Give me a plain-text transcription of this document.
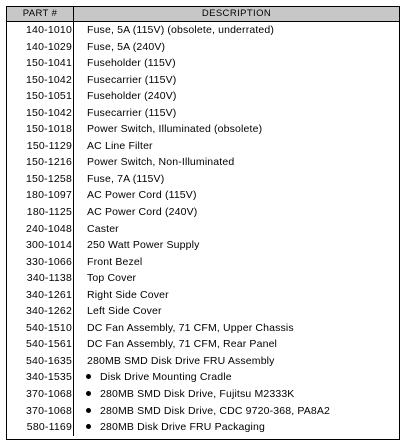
PART #	DESCRIPTION
140-1010	Fuse, 5A (115V) (obsolete, underrated)
140-1029	Fuse, 5A (240V)
150-1041	Fuseholder (115V)
150-1042	Fusecarrier (115V)
150-1051	Fuseholder (240V)
150-1042	Fusecarrier (115V)
150-1018	Power Switch, Illuminated (obsolete)
150-1129	AC Line Filter
150-1216	Power Switch, Non-Illuminated
150-1258	Fuse, 7A (115V)
180-1097	AC Power Cord (115V)
180-1125	AC Power Cord (240V)
240-1048	Caster
300-1014	250 Watt Power Supply
330-1066	Front Bezel
340-1138	Top Cover
340-1261	Right Side Cover
340-1262	Left Side Cover
540-1510	DC Fan Assembly, 71 CFM, Upper Chassis
540-1561	DC Fan Assembly, 71 CFM, Rear Panel
540-1635	280MB SMD Disk Drive FRU Assembly
340-1535	Disk Drive Mounting Cradle
370-1068	280MB SMD Disk Drive, Fujitsu M2333K
370-1068	280MB SMD Disk Drive, CDC 9720-368, PA8A2
580-1169	280MB Disk Drive FRU Packaging
